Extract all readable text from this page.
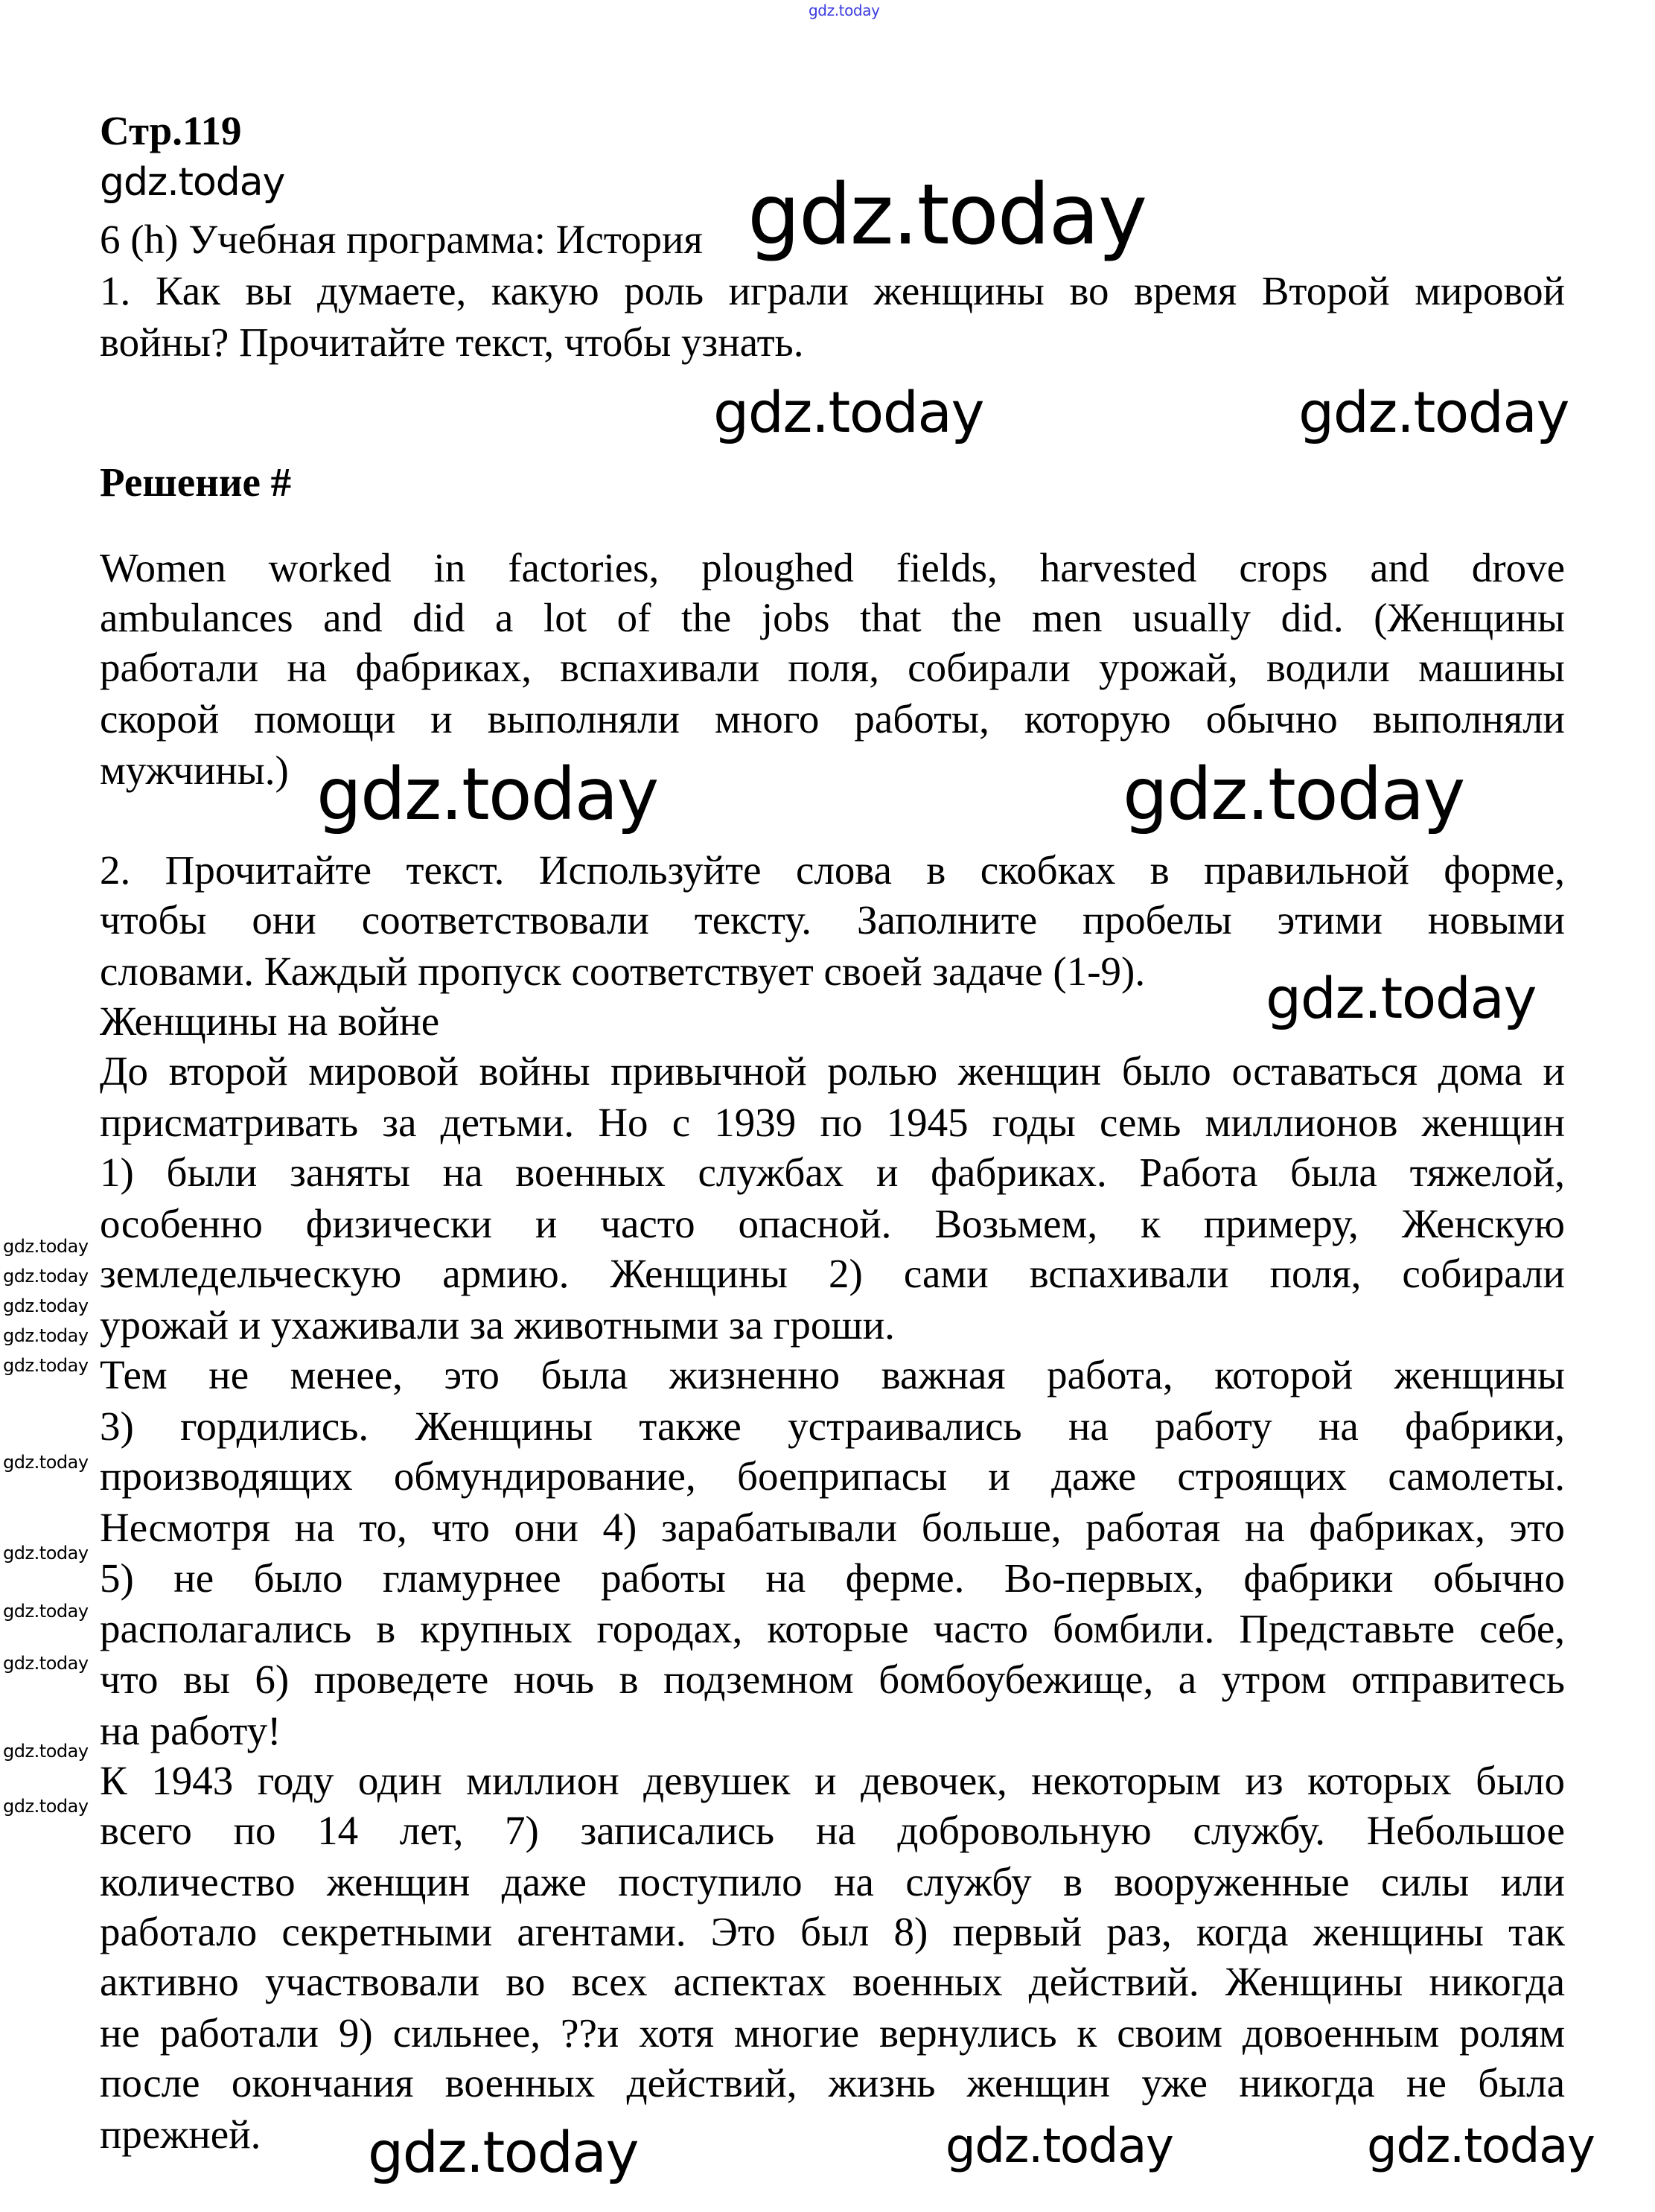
gdz.today
Стр.119
gdz.today
6 (h) Учебная программа: История gdz.today
1. Как вы думаете, какую роль играли женщины во время Второй мировой
войны? Прочитайте текст, чтобы узнать.
gdz.today	gdz.today
Решение #
Women worked in factories, ploughed fields, harvested crops and drove
ambulances and did a lot of the jobs that the men usually did. (Женщины
работали на фабриках, вспахивали поля, собирали урожай, водили машины
скорой помощи и выполняли много работы, которую обычно выполняли
мужчины.) gdz.today	gdz.today
2. Прочитайте текст. Используйте слова в скобках в правильной форме,
чтобы они соответствовали тексту. Заполните пробелы этими новыми
словами. Каждый пропуск соответствует своей задаче (1-9).
Женщины на войне	gdz.today
До второй мировой войны привычной ролью женщин было оставаться дома и
присматривать за детьми. Но с 1939 по 1945 годы семь миллионов женщин
1) были заняты на военных службах и фабриках. Работа была тяжелой,
особенно физически и часто опасной. Возьмем, к примеру, Женскую
земледельческую армию. Женщины 2) сами вспахивали поля, собирали
урожай и ухаживали за животными за гроши.
Тем не менее, это была жизненно важная работа, которой женщины
3) гордились. Женщины также устраивались на работу на фабрики,
производящих обмундирование, боеприпасы и даже строящих самолеты.
Несмотря на то, что они 4) зарабатывали больше, работая на фабриках, это
5) не было гламурнее работы на ферме. Во-первых, фабрики обычно
располагались в крупных городах, которые часто бомбили. Представьте себе,
что вы 6) проведете ночь в подземном бомбоубежище, а утром отправитесь
на работу!
К 1943 году один миллион девушек и девочек, некоторым из которых было
всего по 14 лет, 7) записались на добровольную службу. Небольшое
количество женщин даже поступило на службу в вооруженные силы или
работало секретными агентами. Это был 8) первый раз, когда женщины так
активно участвовали во всех аспектах военных действий. Женщины никогда
не работали 9) сильнее, ??и хотя многие вернулись к своим довоенным ролям
после окончания военных действий, жизнь женщин уже никогда не была
прежней. gdz.today	gdz.today	gdz.today
gdz.today
gdz.today
gdz.today
gdz.today
gdz.today
gdz.today
gdz.today
gdz.today
gdz.today
gdz.today
gdz.today
